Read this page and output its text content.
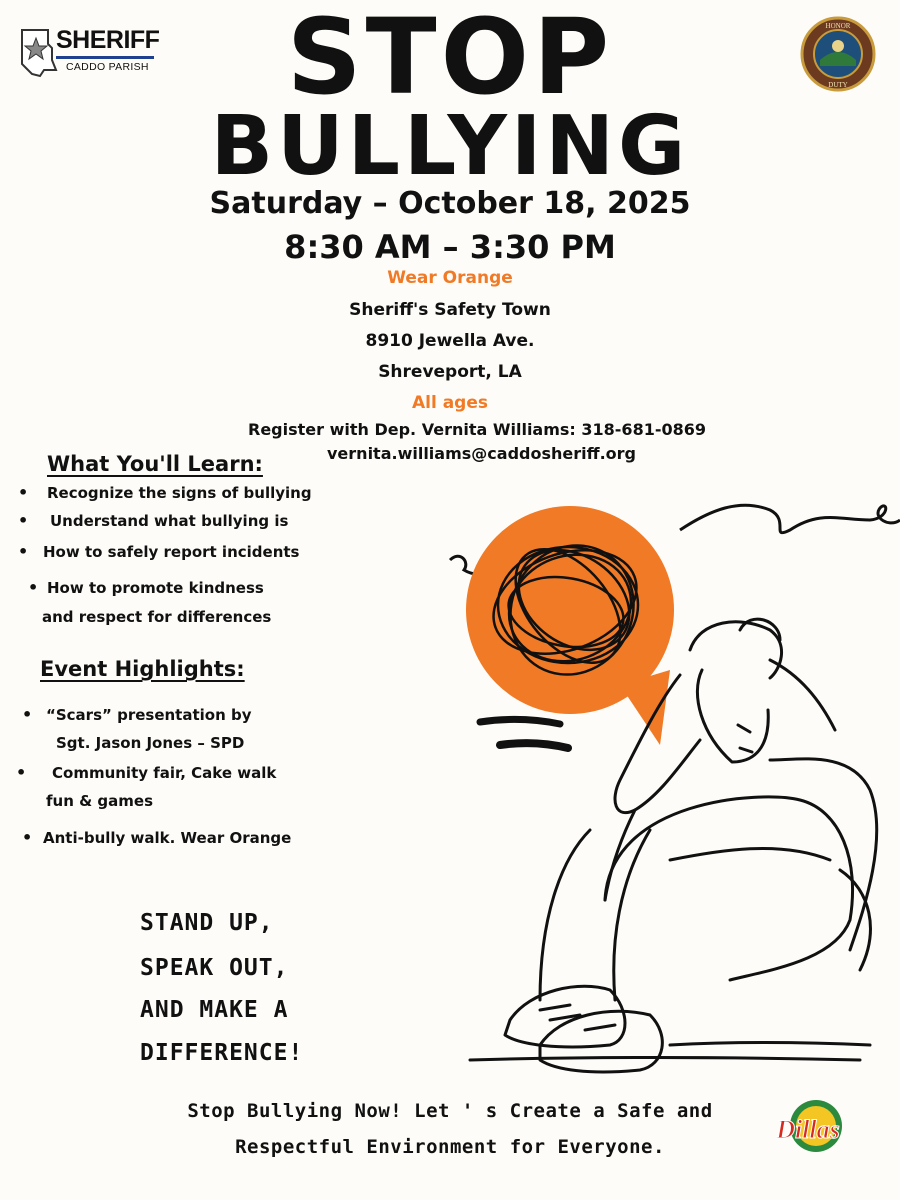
SHERIFF
CADDO PARISH
HONOR
DUTY
STOP
BULLYING
Saturday – October 18, 2025
8:30 AM – 3:30 PM
Wear Orange
Sheriff's Safety Town
8910 Jewella Ave.
Shreveport, LA
All ages
Register with Dep. Vernita Williams: 318-681-0869
vernita.williams@caddosheriff.org
What You'll Learn:
• Recognize the signs of bullying
• Understand what bullying is
• How to safely report incidents
• How to promote kindness
and respect for differences
Event Highlights:
• “Scars” presentation by
Sgt. Jason Jones – SPD
• Community fair, Cake walk
fun & games
• Anti-bully walk. Wear Orange
STAND UP,
SPEAK OUT,
AND MAKE A
DIFFERENCE!
Stop Bullying Now! Let ' s Create a Safe and
Respectful Environment for Everyone.
Dillas
